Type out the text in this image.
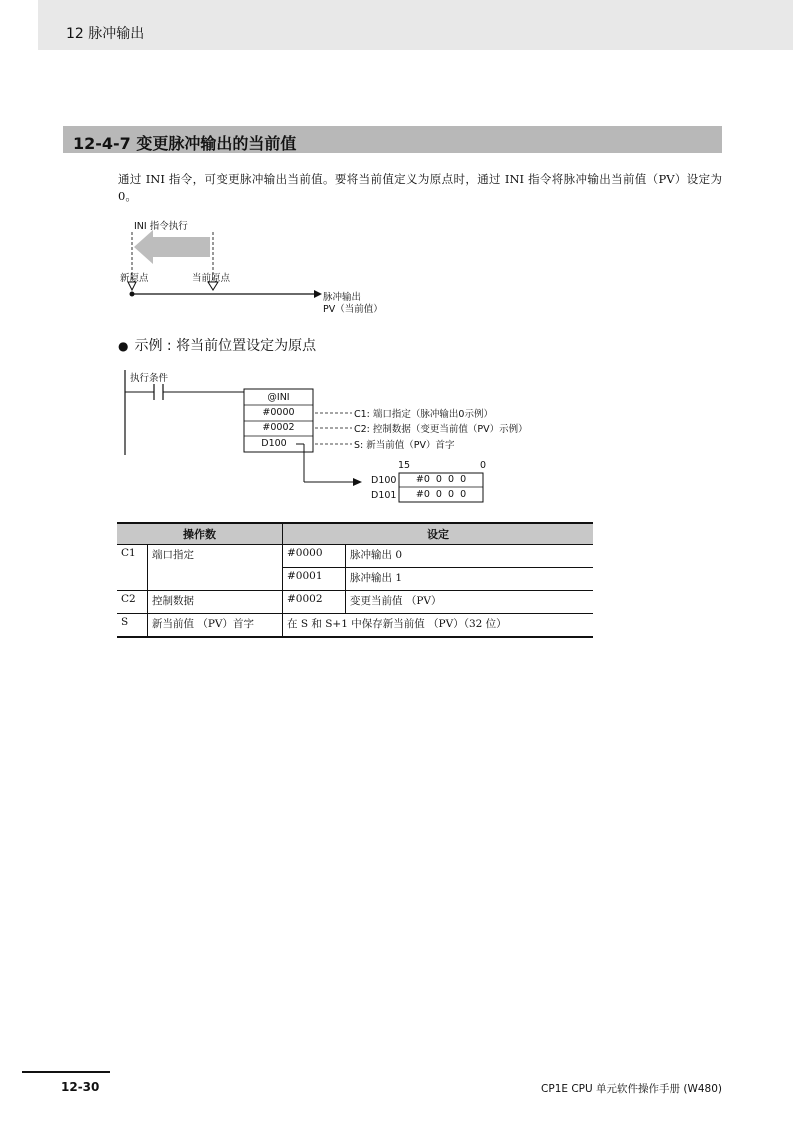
12 脉冲输出
12-4-7 变更脉冲输出的当前值
通过 INI 指令，可变更脉冲输出当前值。要将当前值定义为原点时，通过 INI 指令将脉冲输出当前值（PV）设定为 0。
INI 指令执行
新原点	当前原点
脉冲输出
PV（当前值）
● 示例 : 将当前位置设定为原点
执行条件
@INI
#0000
#0002
D100
C1: 端口指定（脉冲输出0示例）
C2: 控制数据（变更当前值（PV）示例）
S: 新当前值（PV）首字
15	0
D100
D101
#0  0  0  0
#0  0  0  0
操作数		设定	
C1	端口指定	#0000	脉冲输出 0
		#0001	脉冲输出 1
C2	控制数据	#0002	变更当前值 （PV）
S	新当前值 （PV）首字	在 S 和 S+1 中保存新当前值 （PV）（32 位）	
12-30	CP1E CPU 单元软件操作手册 (W480)
